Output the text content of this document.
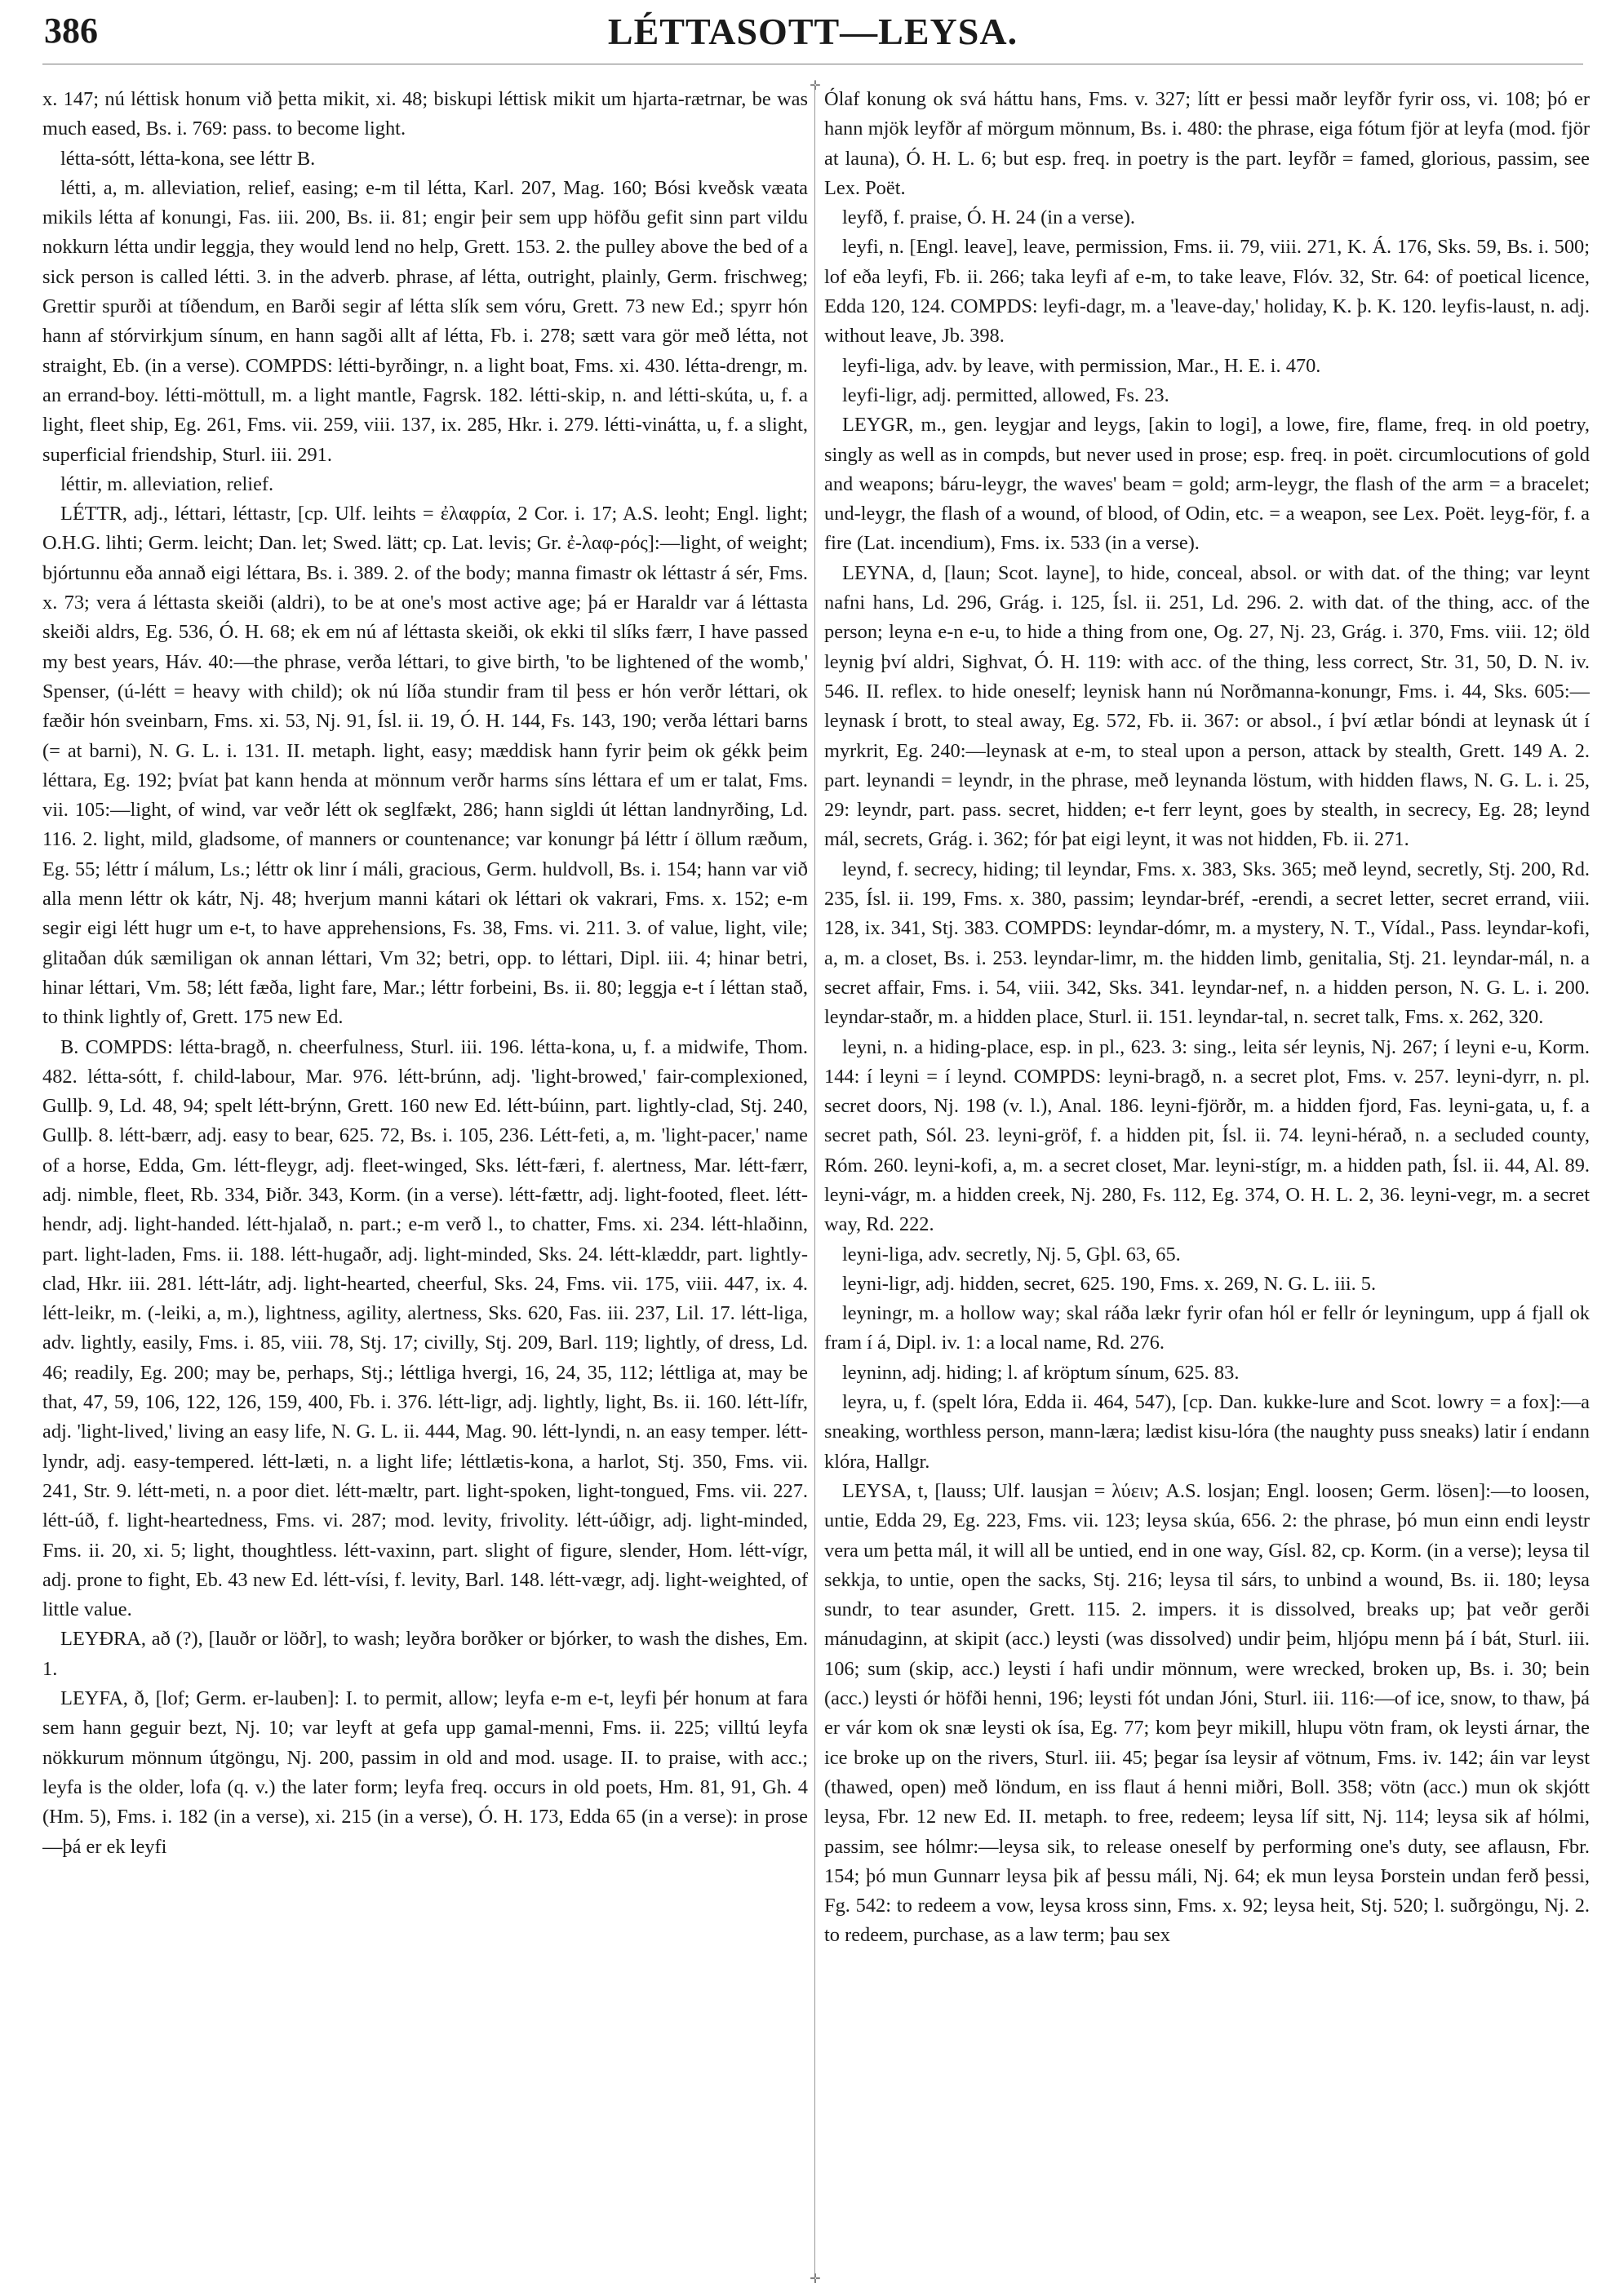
386	LÉTTASOTT—LEYSA.
✛
✛

x. 147; nú léttisk honum við þetta mikit, xi. 48; biskupi léttisk mikit um hjarta-rætrnar, be was much eased, Bs. i. 769: pass. to become light.

létta-sótt, létta-kona, see léttr B.

létti, a, m. alleviation, relief, easing; e-m til létta, Karl. 207, Mag. 160; Bósi kveðsk væata mikils létta af konungi, Fas. iii. 200, Bs. ii. 81; engir þeir sem upp höfðu gefit sinn part vildu nokkurn létta undir leggja, they would lend no help, Grett. 153. 2. the pulley above the bed of a sick person is called létti. 3. in the adverb. phrase, af létta, outright, plainly, Germ. frischweg; Grettir spurði at tíðendum, en Barði segir af létta slík sem vóru, Grett. 73 new Ed.; spyrr hón hann af stórvirkjum sínum, en hann sagði allt af létta, Fb. i. 278; sætt vara gör með létta, not straight, Eb. (in a verse). COMPDS: létti-byrðingr, n. a light boat, Fms. xi. 430. létta-drengr, m. an errand-boy. létti-möttull, m. a light mantle, Fagrsk. 182. létti-skip, n. and létti-skúta, u, f. a light, fleet ship, Eg. 261, Fms. vii. 259, viii. 137, ix. 285, Hkr. i. 279. létti-vinátta, u, f. a slight, superficial friendship, Sturl. iii. 291.

léttir, m. alleviation, relief.

LÉTTR, adj., léttari, léttastr, [cp. Ulf. leihts = ἐλαφρία, 2 Cor. i. 17; A.S. leoht; Engl. light; O.H.G. lihti; Germ. leicht; Dan. let; Swed. lätt; cp. Lat. levis; Gr. ἐ-λαφ-ρός]:—light, of weight; bjórtunnu eða annað eigi léttara, Bs. i. 389. 2. of the body; manna fimastr ok léttastr á sér, Fms. x. 73; vera á léttasta skeiði (aldri), to be at one's most active age; þá er Haraldr var á léttasta skeiði aldrs, Eg. 536, Ó. H. 68; ek em nú af léttasta skeiði, ok ekki til slíks færr, I have passed my best years, Háv. 40:—the phrase, verða léttari, to give birth, 'to be lightened of the womb,' Spenser, (ú-létt = heavy with child); ok nú líða stundir fram til þess er hón verðr léttari, ok fæðir hón sveinbarn, Fms. xi. 53, Nj. 91, Ísl. ii. 19, Ó. H. 144, Fs. 143, 190; verða léttari barns (= at barni), N. G. L. i. 131. II. metaph. light, easy; mæddisk hann fyrir þeim ok gékk þeim léttara, Eg. 192; þvíat þat kann henda at mönnum verðr harms síns léttara ef um er talat, Fms. vii. 105:—light, of wind, var veðr létt ok seglfækt, 286; hann sigldi út léttan landnyrðing, Ld. 116. 2. light, mild, gladsome, of manners or countenance; var konungr þá léttr í öllum ræðum, Eg. 55; léttr í málum, Ls.; léttr ok linr í máli, gracious, Germ. huldvoll, Bs. i. 154; hann var við alla menn léttr ok kátr, Nj. 48; hverjum manni kátari ok léttari ok vakrari, Fms. x. 152; e-m segir eigi létt hugr um e-t, to have apprehensions, Fs. 38, Fms. vi. 211. 3. of value, light, vile; glitaðan dúk sæmiligan ok annan léttari, Vm 32; betri, opp. to léttari, Dipl. iii. 4; hinar betri, hinar léttari, Vm. 58; létt fæða, light fare, Mar.; léttr forbeini, Bs. ii. 80; leggja e-t í léttan stað, to think lightly of, Grett. 175 new Ed.

B. COMPDS: létta-bragð, n. cheerfulness, Sturl. iii. 196. létta-kona, u, f. a midwife, Thom. 482. létta-sótt, f. child-labour, Mar. 976. létt-brúnn, adj. 'light-browed,' fair-complexioned, Gullþ. 9, Ld. 48, 94; spelt létt-brýnn, Grett. 160 new Ed. létt-búinn, part. lightly-clad, Stj. 240, Gullþ. 8. létt-bærr, adj. easy to bear, 625. 72, Bs. i. 105, 236. Létt-feti, a, m. 'light-pacer,' name of a horse, Edda, Gm. létt-fleygr, adj. fleet-winged, Sks. létt-færi, f. alertness, Mar. létt-færr, adj. nimble, fleet, Rb. 334, Þiðr. 343, Korm. (in a verse). létt-fættr, adj. light-footed, fleet. létt-hendr, adj. light-handed. létt-hjalað, n. part.; e-m verð l., to chatter, Fms. xi. 234. létt-hlaðinn, part. light-laden, Fms. ii. 188. létt-hugaðr, adj. light-minded, Sks. 24. létt-klæddr, part. lightly-clad, Hkr. iii. 281. létt-látr, adj. light-hearted, cheerful, Sks. 24, Fms. vii. 175, viii. 447, ix. 4. létt-leikr, m. (-leiki, a, m.), lightness, agility, alertness, Sks. 620, Fas. iii. 237, Lil. 17. létt-liga, adv. lightly, easily, Fms. i. 85, viii. 78, Stj. 17; civilly, Stj. 209, Barl. 119; lightly, of dress, Ld. 46; readily, Eg. 200; may be, perhaps, Stj.; léttliga hvergi, 16, 24, 35, 112; léttliga at, may be that, 47, 59, 106, 122, 126, 159, 400, Fb. i. 376. létt-ligr, adj. lightly, light, Bs. ii. 160. létt-lífr, adj. 'light-lived,' living an easy life, N. G. L. ii. 444, Mag. 90. létt-lyndi, n. an easy temper. létt-lyndr, adj. easy-tempered. létt-læti, n. a light life; léttlætis-kona, a harlot, Stj. 350, Fms. vii. 241, Str. 9. létt-meti, n. a poor diet. létt-mæltr, part. light-spoken, light-tongued, Fms. vii. 227. létt-úð, f. light-heartedness, Fms. vi. 287; mod. levity, frivolity. létt-úðigr, adj. light-minded, Fms. ii. 20, xi. 5; light, thoughtless. létt-vaxinn, part. slight of figure, slender, Hom. létt-vígr, adj. prone to fight, Eb. 43 new Ed. létt-vísi, f. levity, Barl. 148. létt-vægr, adj. light-weighted, of little value.

LEYÐRA, að (?), [lauðr or löðr], to wash; leyðra borðker or bjórker, to wash the dishes, Em. 1.

LEYFA, ð, [lof; Germ. er-lauben]: I. to permit, allow; leyfa e-m e-t, leyfi þér honum at fara sem hann geguir bezt, Nj. 10; var leyft at gefa upp gamal-menni, Fms. ii. 225; villtú leyfa nökkurum mönnum útgöngu, Nj. 200, passim in old and mod. usage. II. to praise, with acc.; leyfa is the older, lofa (q. v.) the later form; leyfa freq. occurs in old poets, Hm. 81, 91, Gh. 4 (Hm. 5), Fms. i. 182 (in a verse), xi. 215 (in a verse), Ó. H. 173, Edda 65 (in a verse): in prose—þá er ek leyfi

Ólaf konung ok svá háttu hans, Fms. v. 327; lítt er þessi maðr leyfðr fyrir oss, vi. 108; þó er hann mjök leyfðr af mörgum mönnum, Bs. i. 480: the phrase, eiga fótum fjör at leyfa (mod. fjör at launa), Ó. H. L. 6; but esp. freq. in poetry is the part. leyfðr = famed, glorious, passim, see Lex. Poët.

leyfð, f. praise, Ó. H. 24 (in a verse).

leyfi, n. [Engl. leave], leave, permission, Fms. ii. 79, viii. 271, K. Á. 176, Sks. 59, Bs. i. 500; lof eða leyfi, Fb. ii. 266; taka leyfi af e-m, to take leave, Flóv. 32, Str. 64: of poetical licence, Edda 120, 124. COMPDS: leyfi-dagr, m. a 'leave-day,' holiday, K. þ. K. 120. leyfis-laust, n. adj. without leave, Jb. 398.

leyfi-liga, adv. by leave, with permission, Mar., H. E. i. 470.

leyfi-ligr, adj. permitted, allowed, Fs. 23.

LEYGR, m., gen. leygjar and leygs, [akin to logi], a lowe, fire, flame, freq. in old poetry, singly as well as in compds, but never used in prose; esp. freq. in poët. circumlocutions of gold and weapons; báru-leygr, the waves' beam = gold; arm-leygr, the flash of the arm = a bracelet; und-leygr, the flash of a wound, of blood, of Odin, etc. = a weapon, see Lex. Poët. leyg-för, f. a fire (Lat. incendium), Fms. ix. 533 (in a verse).

LEYNA, d, [laun; Scot. layne], to hide, conceal, absol. or with dat. of the thing; var leynt nafni hans, Ld. 296, Grág. i. 125, Ísl. ii. 251, Ld. 296. 2. with dat. of the thing, acc. of the person; leyna e-n e-u, to hide a thing from one, Og. 27, Nj. 23, Grág. i. 370, Fms. viii. 12; öld leynig því aldri, Sighvat, Ó. H. 119: with acc. of the thing, less correct, Str. 31, 50, D. N. iv. 546. II. reflex. to hide oneself; leynisk hann nú Norðmanna-konungr, Fms. i. 44, Sks. 605:—leynask í brott, to steal away, Eg. 572, Fb. ii. 367: or absol., í því ætlar bóndi at leynask út í myrkrit, Eg. 240:—leynask at e-m, to steal upon a person, attack by stealth, Grett. 149 A. 2. part. leynandi = leyndr, in the phrase, með leynanda löstum, with hidden flaws, N. G. L. i. 25, 29: leyndr, part. pass. secret, hidden; e-t ferr leynt, goes by stealth, in secrecy, Eg. 28; leynd mál, secrets, Grág. i. 362; fór þat eigi leynt, it was not hidden, Fb. ii. 271.

leynd, f. secrecy, hiding; til leyndar, Fms. x. 383, Sks. 365; með leynd, secretly, Stj. 200, Rd. 235, Ísl. ii. 199, Fms. x. 380, passim; leyndar-bréf, -erendi, a secret letter, secret errand, viii. 128, ix. 341, Stj. 383. COMPDS: leyndar-dómr, m. a mystery, N. T., Vídal., Pass. leyndar-kofi, a, m. a closet, Bs. i. 253. leyndar-limr, m. the hidden limb, genitalia, Stj. 21. leyndar-mál, n. a secret affair, Fms. i. 54, viii. 342, Sks. 341. leyndar-nef, n. a hidden person, N. G. L. i. 200. leyndar-staðr, m. a hidden place, Sturl. ii. 151. leyndar-tal, n. secret talk, Fms. x. 262, 320.

leyni, n. a hiding-place, esp. in pl., 623. 3: sing., leita sér leynis, Nj. 267; í leyni e-u, Korm. 144: í leyni = í leynd. COMPDS: leyni-bragð, n. a secret plot, Fms. v. 257. leyni-dyrr, n. pl. secret doors, Nj. 198 (v. l.), Anal. 186. leyni-fjörðr, m. a hidden fjord, Fas. leyni-gata, u, f. a secret path, Sól. 23. leyni-gröf, f. a hidden pit, Ísl. ii. 74. leyni-hérað, n. a secluded county, Róm. 260. leyni-kofi, a, m. a secret closet, Mar. leyni-stígr, m. a hidden path, Ísl. ii. 44, Al. 89. leyni-vágr, m. a hidden creek, Nj. 280, Fs. 112, Eg. 374, O. H. L. 2, 36. leyni-vegr, m. a secret way, Rd. 222.

leyni-liga, adv. secretly, Nj. 5, Gþl. 63, 65.

leyni-ligr, adj. hidden, secret, 625. 190, Fms. x. 269, N. G. L. iii. 5.

leyningr, m. a hollow way; skal ráða lækr fyrir ofan hól er fellr ór leyningum, upp á fjall ok fram í á, Dipl. iv. 1: a local name, Rd. 276.

leyninn, adj. hiding; l. af kröptum sínum, 625. 83.

leyra, u, f. (spelt lóra, Edda ii. 464, 547), [cp. Dan. kukke-lure and Scot. lowry = a fox]:—a sneaking, worthless person, mann-læra; lædist kisu-lóra (the naughty puss sneaks) latir í endann klóra, Hallgr.

LEYSA, t, [lauss; Ulf. lausjan = λύειν; A.S. losjan; Engl. loosen; Germ. lösen]:—to loosen, untie, Edda 29, Eg. 223, Fms. vii. 123; leysa skúa, 656. 2: the phrase, þó mun einn endi leystr vera um þetta mál, it will all be untied, end in one way, Gísl. 82, cp. Korm. (in a verse); leysa til sekkja, to untie, open the sacks, Stj. 216; leysa til sárs, to unbind a wound, Bs. ii. 180; leysa sundr, to tear asunder, Grett. 115. 2. impers. it is dissolved, breaks up; þat veðr gerði mánudaginn, at skipit (acc.) leysti (was dissolved) undir þeim, hljópu menn þá í bát, Sturl. iii. 106; sum (skip, acc.) leysti í hafi undir mönnum, were wrecked, broken up, Bs. i. 30; bein (acc.) leysti ór höfði henni, 196; leysti fót undan Jóni, Sturl. iii. 116:—of ice, snow, to thaw, þá er vár kom ok snæ leysti ok ísa, Eg. 77; kom þeyr mikill, hlupu vötn fram, ok leysti árnar, the ice broke up on the rivers, Sturl. iii. 45; þegar ísa leysir af vötnum, Fms. iv. 142; áin var leyst (thawed, open) með löndum, en iss flaut á henni miðri, Boll. 358; vötn (acc.) mun ok skjótt leysa, Fbr. 12 new Ed. II. metaph. to free, redeem; leysa líf sitt, Nj. 114; leysa sik af hólmi, passim, see hólmr:—leysa sik, to release oneself by performing one's duty, see aflausn, Fbr. 154; þó mun Gunnarr leysa þik af þessu máli, Nj. 64; ek mun leysa Þorstein undan ferð þessi, Fg. 542: to redeem a vow, leysa kross sinn, Fms. x. 92; leysa heit, Stj. 520; l. suðrgöngu, Nj. 2. to redeem, purchase, as a law term; þau sex
